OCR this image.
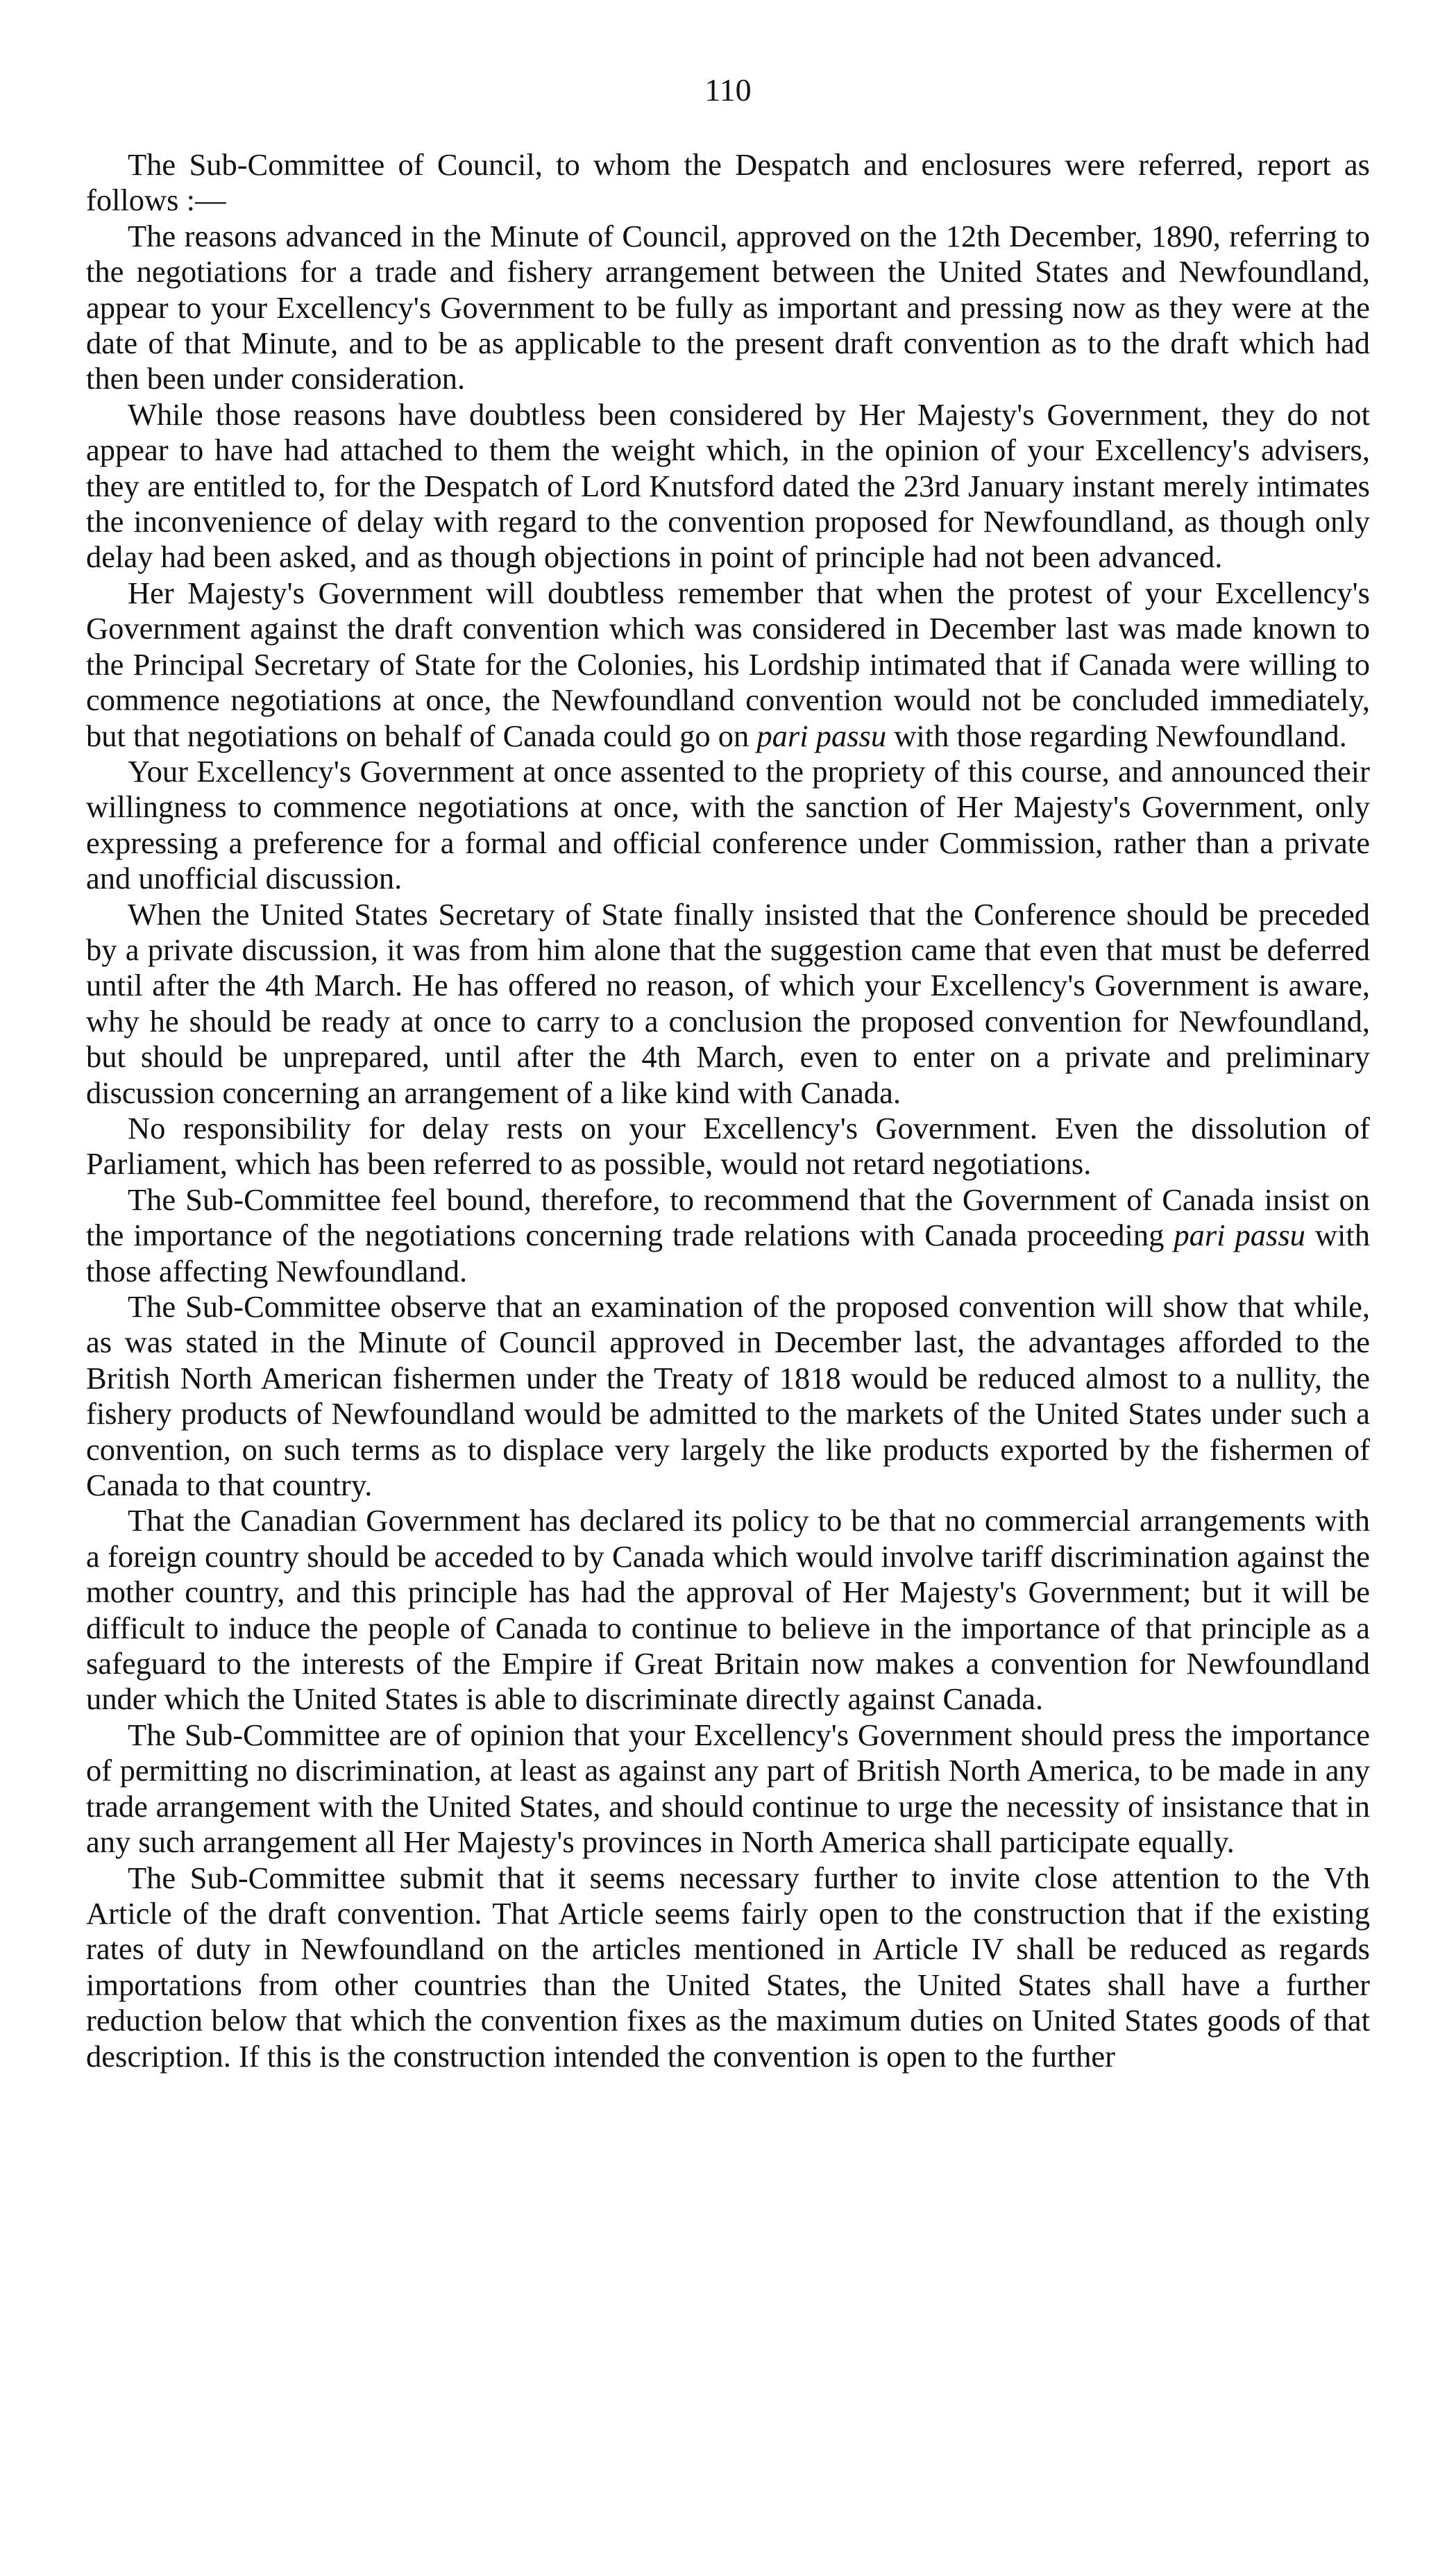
110

The Sub-Committee of Council, to whom the Despatch and enclosures were referred, report as follows :—

The reasons advanced in the Minute of Council, approved on the 12th December, 1890, referring to the negotiations for a trade and fishery arrangement between the United States and Newfoundland, appear to your Excellency's Government to be fully as important and pressing now as they were at the date of that Minute, and to be as applicable to the present draft convention as to the draft which had then been under consideration.

While those reasons have doubtless been considered by Her Majesty's Government, they do not appear to have had attached to them the weight which, in the opinion of your Excellency's advisers, they are entitled to, for the Despatch of Lord Knutsford dated the 23rd January instant merely intimates the inconvenience of delay with regard to the convention proposed for Newfoundland, as though only delay had been asked, and as though objections in point of principle had not been advanced.

Her Majesty's Government will doubtless remember that when the protest of your Excellency's Government against the draft convention which was considered in December last was made known to the Principal Secretary of State for the Colonies, his Lordship intimated that if Canada were willing to commence negotiations at once, the Newfoundland convention would not be concluded immediately, but that negotiations on behalf of Canada could go on pari passu with those regarding Newfoundland.

Your Excellency's Government at once assented to the propriety of this course, and announced their willingness to commence negotiations at once, with the sanction of Her Majesty's Government, only expressing a preference for a formal and official conference under Commission, rather than a private and unofficial discussion.

When the United States Secretary of State finally insisted that the Conference should be preceded by a private discussion, it was from him alone that the suggestion came that even that must be deferred until after the 4th March. He has offered no reason, of which your Excellency's Government is aware, why he should be ready at once to carry to a conclusion the proposed convention for Newfoundland, but should be unprepared, until after the 4th March, even to enter on a private and preliminary discussion concerning an arrangement of a like kind with Canada.

No responsibility for delay rests on your Excellency's Government. Even the dissolution of Parliament, which has been referred to as possible, would not retard negotiations.

The Sub-Committee feel bound, therefore, to recommend that the Government of Canada insist on the importance of the negotiations concerning trade relations with Canada proceeding pari passu with those affecting Newfoundland.

The Sub-Committee observe that an examination of the proposed convention will show that while, as was stated in the Minute of Council approved in December last, the advantages afforded to the British North American fishermen under the Treaty of 1818 would be reduced almost to a nullity, the fishery products of Newfoundland would be admitted to the markets of the United States under such a convention, on such terms as to displace very largely the like products exported by the fishermen of Canada to that country.

That the Canadian Government has declared its policy to be that no commercial arrangements with a foreign country should be acceded to by Canada which would involve tariff discrimination against the mother country, and this principle has had the approval of Her Majesty's Government; but it will be difficult to induce the people of Canada to continue to believe in the importance of that principle as a safeguard to the interests of the Empire if Great Britain now makes a convention for Newfoundland under which the United States is able to discriminate directly against Canada.

The Sub-Committee are of opinion that your Excellency's Government should press the importance of permitting no discrimination, at least as against any part of British North America, to be made in any trade arrangement with the United States, and should continue to urge the necessity of insistance that in any such arrangement all Her Majesty's provinces in North America shall participate equally.

The Sub-Committee submit that it seems necessary further to invite close attention to the Vth Article of the draft convention. That Article seems fairly open to the construction that if the existing rates of duty in Newfoundland on the articles mentioned in Article IV shall be reduced as regards importations from other countries than the United States, the United States shall have a further reduction below that which the convention fixes as the maximum duties on United States goods of that description. If this is the construction intended the convention is open to the further
